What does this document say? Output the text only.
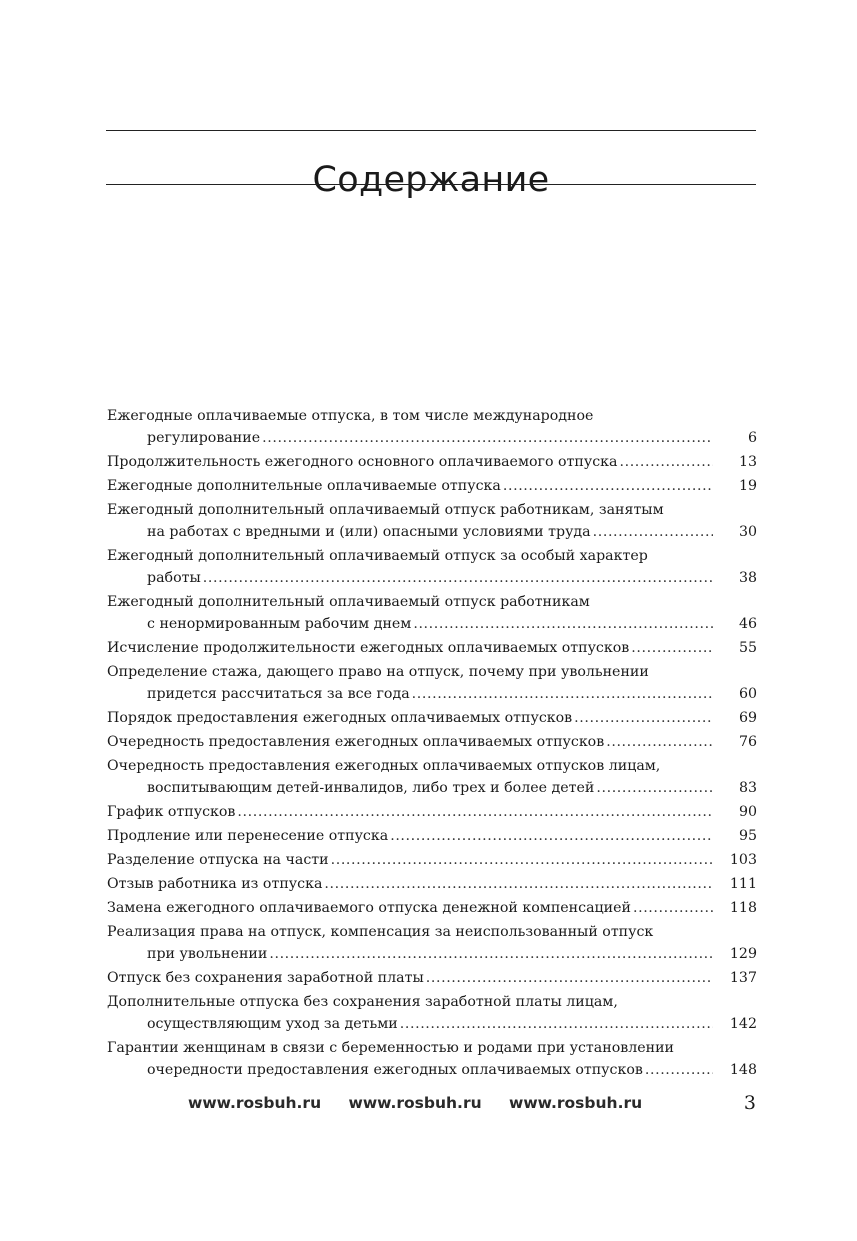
Содержание
Ежегодные оплачиваемые отпуска, в том числе международное
регулирование .....	6
Продолжительность ежегодного основного оплачиваемого отпуска .....	13
Ежегодные дополнительные оплачиваемые отпуска .....	19
Ежегодный дополнительный оплачиваемый отпуск работникам, занятым
на работах с вредными и (или) опасными условиями труда .....	30
Ежегодный дополнительный оплачиваемый отпуск за особый характер
работы .....	38
Ежегодный дополнительный оплачиваемый отпуск работникам
с ненормированным рабочим днем .....	46
Исчисление продолжительности ежегодных оплачиваемых отпусков .....	55
Определение стажа, дающего право на отпуск, почему при увольнении
придется рассчитаться за все года .....	60
Порядок предоставления ежегодных оплачиваемых отпусков .....	69
Очередность предоставления ежегодных оплачиваемых отпусков .....	76
Очередность предоставления ежегодных оплачиваемых отпусков лицам,
воспитывающим детей-инвалидов, либо трех и более детей .....	83
График отпусков .....	90
Продление или перенесение отпуска .....	95
Разделение отпуска на части .....	103
Отзыв работника из отпуска .....	111
Замена ежегодного оплачиваемого отпуска денежной компенсацией .....	118
Реализация права на отпуск, компенсация за неиспользованный отпуск
при увольнении .....	129
Отпуск без сохранения заработной платы .....	137
Дополнительные отпуска без сохранения заработной платы лицам,
осуществляющим уход за детьми .....	142
Гарантии женщинам в связи с беременностью и родами при установлении
очередности предоставления ежегодных оплачиваемых отпусков .....	148
www.rosbuh.ru www.rosbuh.ru www.rosbuh.ru	3
